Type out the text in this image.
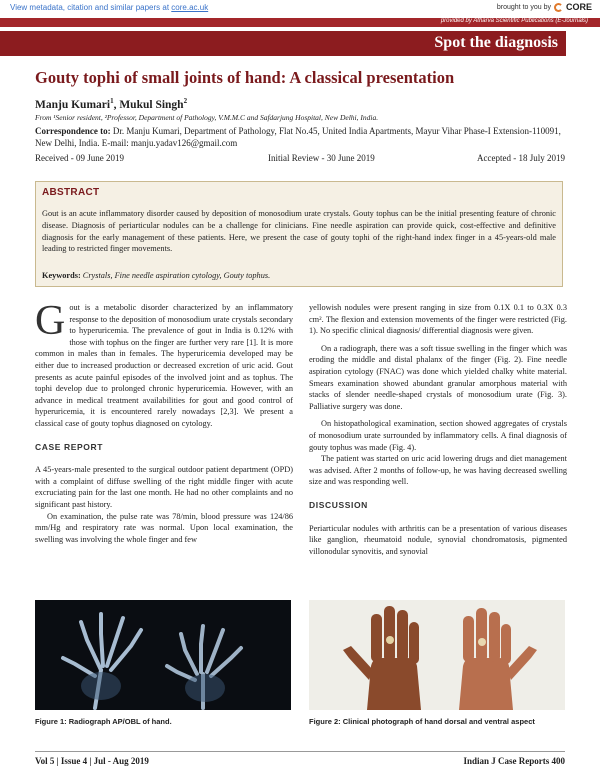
View metadata, citation and similar papers at core.ac.uk	brought to you by CORE
provided by Atharva Scientific Publications (E-Journals)
Spot the diagnosis
Gouty tophi of small joints of hand: A classical presentation
Manju Kumari$^1$, Mukul Singh$^2$
From ¹Senior resident, ²Professor, Department of Pathology, V.M.M.C and Safdarjung Hospital, New Delhi, India.
Correspondence to: Dr. Manju Kumari, Department of Pathology, Flat No.45, United India Apartments, Mayur Vihar Phase-I Extension-110091, New Delhi, India. E-mail: manju.yadav126@gmail.com
Received - 09 June 2019	Initial Review - 30 June 2019	Accepted - 18 July 2019
ABSTRACT
Gout is an acute inflammatory disorder caused by deposition of monosodium urate crystals. Gouty tophus can be the initial presenting feature of chronic disease. Diagnosis of periarticular nodules can be a challenge for clinicians. Fine needle aspiration can provide quick, cost-effective and definitive diagnosis for the early management of these patients. Here, we present the case of gouty tophi of the right-hand index finger in a 45-years-old male leading to restricted finger movements.
Keywords: Crystals, Fine needle aspiration cytology, Gouty tophus.

Gout is a metabolic disorder characterized by an inflammatory response to the deposition of monosodium urate crystals secondary to hyperuricemia. The prevalence of gout in India is 0.12% with those with tophus on the finger are further very rare [1]. It is more common in males than in females. The hyperuricemia developed may be either due to increased production or decreased excretion of uric acid. Gout presents as acute painful episodes of the involved joint and as tophus. The tophi develop due to prolonged chronic hyperuricemia. However, with an advance in medical treatment availabilities for gout and good control of hyperuricemia, it is encountered rarely nowadays [2,3]. We present a classical case of gouty tophus diagnosed on cytology.

CASE REPORT

A 45-years-male presented to the surgical outdoor patient department (OPD) with a complaint of diffuse swelling of the right middle finger with acute excruciating pain for the last one month. He had no other complaints and no significant past history.

On examination, the pulse rate was 78/min, blood pressure was 124/86 mm/Hg and respiratory rate was normal. Upon local examination, the swelling was involving the whole finger and few

yellowish nodules were present ranging in size from 0.1X 0.1 to 0.3X 0.3 cm². The flexion and extension movements of the finger were restricted (Fig. 1). No specific clinical diagnosis/ differential diagnosis were given.

On a radiograph, there was a soft tissue swelling in the finger which was eroding the middle and distal phalanx of the finger (Fig. 2). Fine needle aspiration cytology (FNAC) was done which yielded chalky white material. Smears examination showed abundant granular amorphous material with stacks of slender needle-shaped crystals of monosodium urate (Fig. 3). Palliative surgery was done.

On histopathological examination, section showed aggregates of crystals of monosodium urate surrounded by inflammatory cells. A final diagnosis of gouty tophus was made (Fig. 4).

The patient was started on uric acid lowering drugs and diet management was advised. After 2 months of follow-up, he was having decreased swelling size and was responding well.

DISCUSSION

Periarticular nodules with arthritis can be a presentation of various diseases like ganglion, rheumatoid nodule, synovial chondromatosis, pigmented villonodular synovitis, and synovial

Figure 1: Radiograph AP/OBL of hand.	Figure 2: Clinical photograph of hand dorsal and ventral aspect
Vol 5 | Issue 4 | Jul - Aug 2019	Indian J Case Reports 400
